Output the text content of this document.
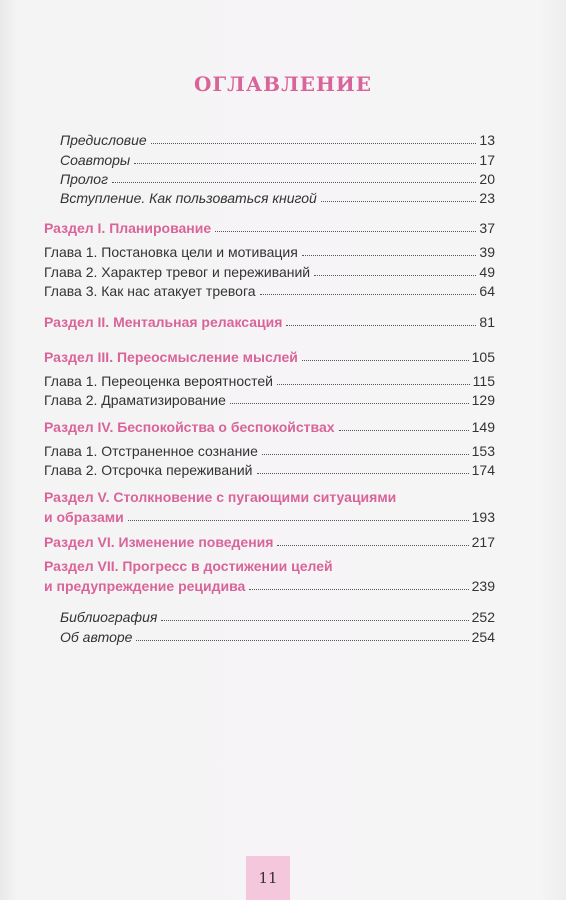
ОГЛАВЛЕНИЕ
Предисловие	13
Соавторы	17
Пролог	20
Вступление. Как пользоваться книгой	23
Раздел I. Планирование	37
Глава 1. Постановка цели и мотивация	39
Глава 2. Характер тревог и переживаний	49
Глава 3. Как нас атакует тревога	64
Раздел II. Ментальная релаксация	81
Раздел III. Переосмысление мыслей	105
Глава 1. Переоценка вероятностей	115
Глава 2. Драматизирование	129
Раздел IV. Беспокойства о беспокойствах	149
Глава 1. Отстраненное сознание	153
Глава 2. Отсрочка переживаний	174
Раздел V. Столкновение с пугающими ситуациями
и образами	193
Раздел VI. Изменение поведения	217
Раздел VII. Прогресс в достижении целей
и предупреждение рецидива	239
Библиография	252
Об авторе	254
11
